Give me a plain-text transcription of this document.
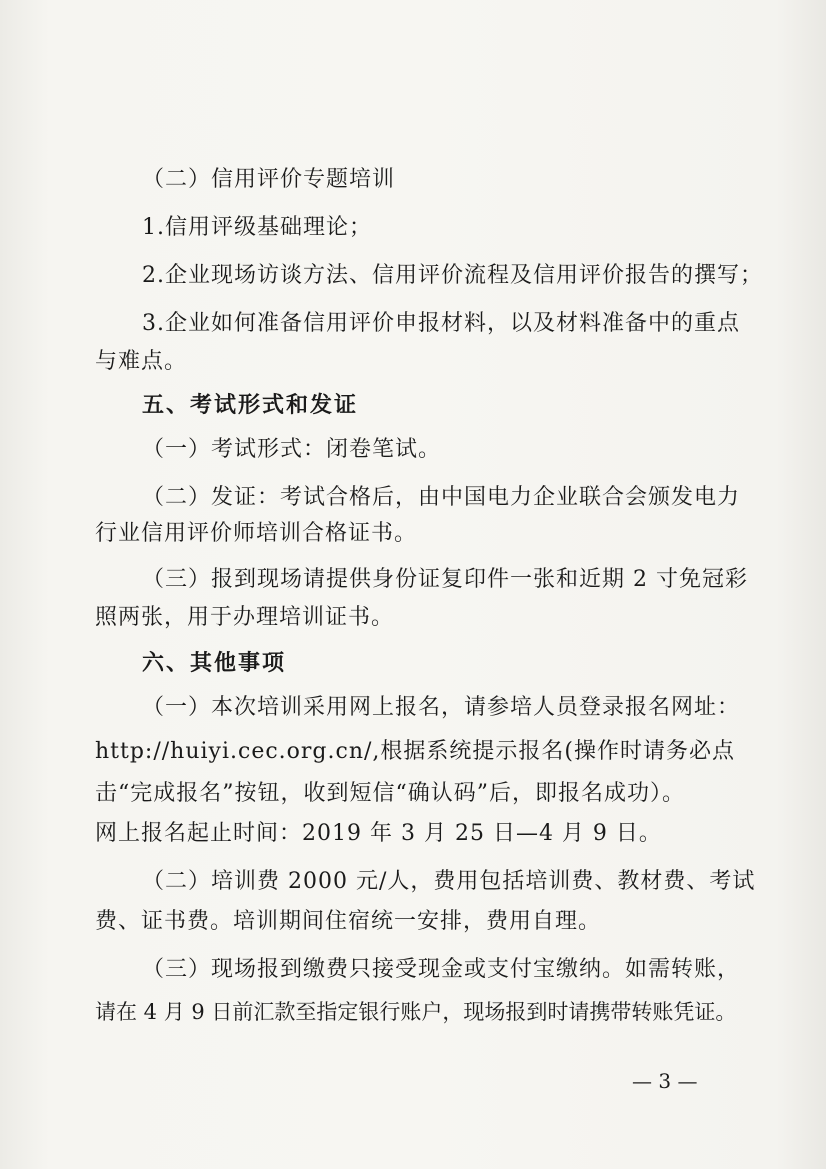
（二）信用评价专题培训
1.信用评级基础理论；
2.企业现场访谈方法、信用评价流程及信用评价报告的撰写；
3.企业如何准备信用评价申报材料，以及材料准备中的重点
与难点。
五、考试形式和发证
（一）考试形式：闭卷笔试。
（二）发证：考试合格后，由中国电力企业联合会颁发电力
行业信用评价师培训合格证书。
（三）报到现场请提供身份证复印件一张和近期 2 寸免冠彩
照两张，用于办理培训证书。
六、其他事项
（一）本次培训采用网上报名，请参培人员登录报名网址：
http://huiyi.cec.org.cn/,根据系统提示报名(操作时请务必点
击“完成报名”按钮，收到短信“确认码”后，即报名成功）。
网上报名起止时间：2019 年 3 月 25 日—4 月 9 日。
（二）培训费 2000 元/人，费用包括培训费、教材费、考试
费、证书费。培训期间住宿统一安排，费用自理。
（三）现场报到缴费只接受现金或支付宝缴纳。如需转账，
请在 4 月 9 日前汇款至指定银行账户，现场报到时请携带转账凭证。
— 3 —
